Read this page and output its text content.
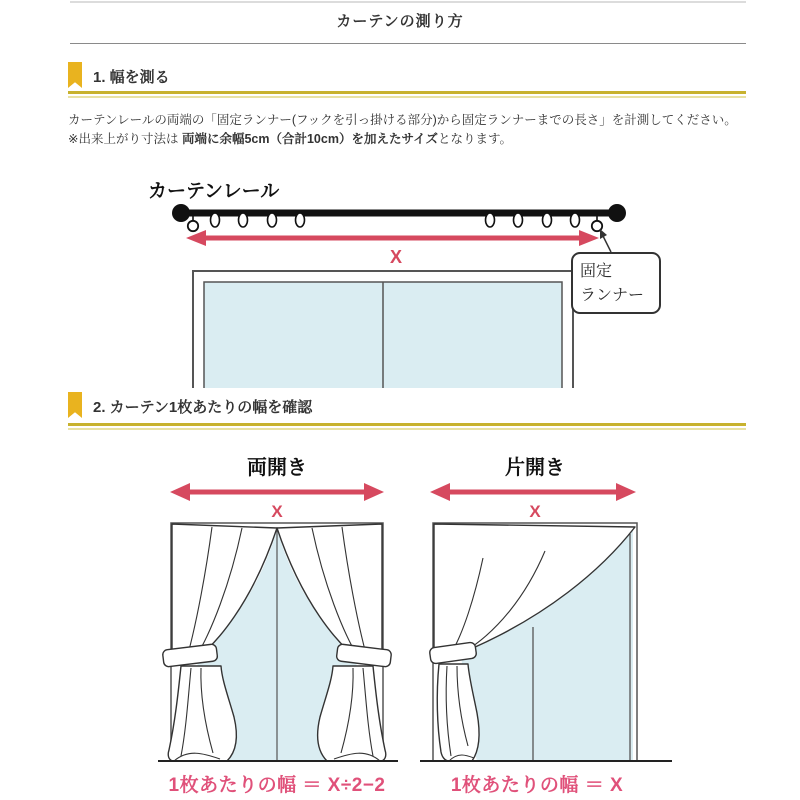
カーテンの測り方
1. 幅を測る
カーテンレールの両端の「固定ランナー(フックを引っ掛ける部分)から固定ランナーまでの長さ」を計測してください。
※出来上がり寸法は 両端に余幅5cm（合計10cm）を加えたサイズとなります。
カーテンレール
X
固定
ランナー
2. カーテン1枚あたりの幅を確認
両開き
X
1枚あたりの幅 ＝ X÷2−2
片開き
X
1枚あたりの幅 ＝ X
